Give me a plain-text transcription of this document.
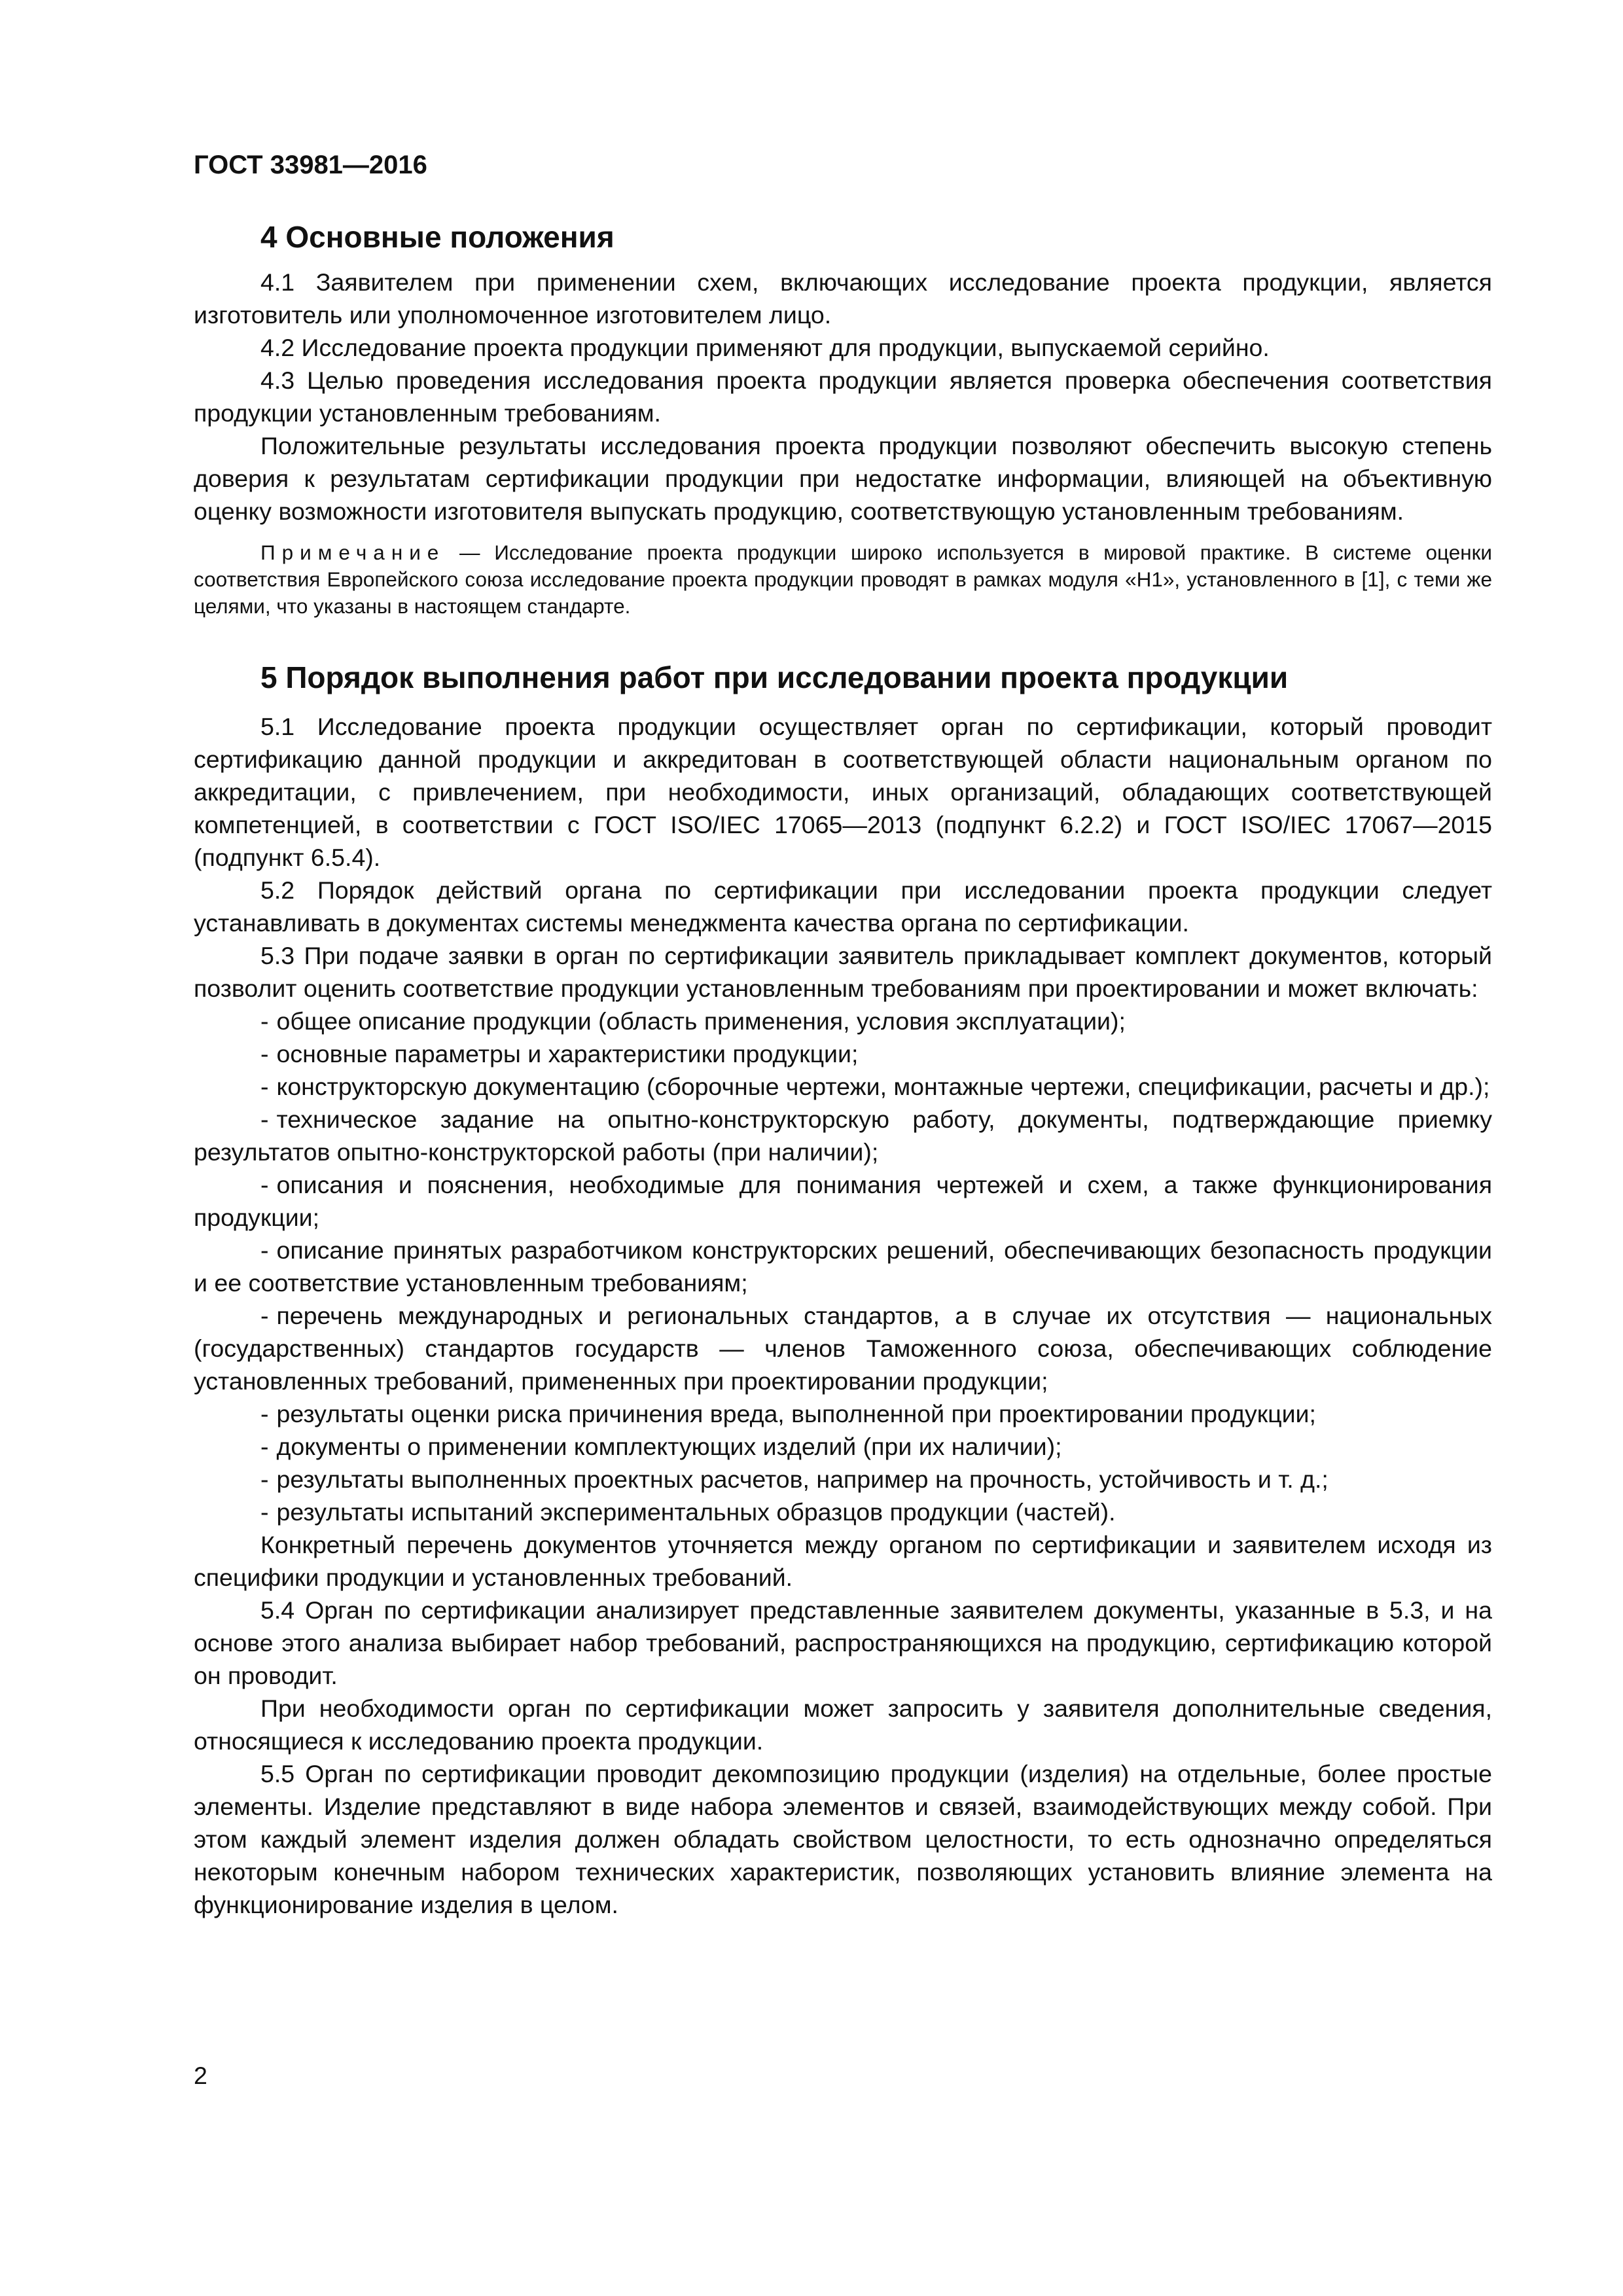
ГОСТ 33981—2016

4 Основные положения

4.1 Заявителем при применении схем, включающих исследование проекта продукции, является изготовитель или уполномоченное изготовителем лицо.

4.2 Исследование проекта продукции применяют для продукции, выпускаемой серийно.

4.3 Целью проведения исследования проекта продукции является проверка обеспечения соответствия продукции установленным требованиям.

Положительные результаты исследования проекта продукции позволяют обеспечить высокую степень доверия к результатам сертификации продукции при недостатке информации, влияющей на объективную оценку возможности изготовителя выпускать продукцию, соответствующую установленным требованиям.

Примечание — Исследование проекта продукции широко используется в мировой практике. В системе оценки соответствия Европейского союза исследование проекта продукции проводят в рамках модуля «Н1», установленного в [1], с теми же целями, что указаны в настоящем стандарте.

5 Порядок выполнения работ при исследовании проекта продукции

5.1 Исследование проекта продукции осуществляет орган по сертификации, который проводит сертификацию данной продукции и аккредитован в соответствующей области национальным органом по аккредитации, с привлечением, при необходимости, иных организаций, обладающих соответствующей компетенцией, в соответствии с ГОСТ ISO/IEC 17065—2013 (подпункт 6.2.2) и ГОСТ ISO/IEC 17067—2015 (подпункт 6.5.4).

5.2 Порядок действий органа по сертификации при исследовании проекта продукции следует устанавливать в документах системы менеджмента качества органа по сертификации.

5.3 При подаче заявки в орган по сертификации заявитель прикладывает комплект документов, который позволит оценить соответствие продукции установленным требованиям при проектировании и может включать:

- общее описание продукции (область применения, условия эксплуатации);

- основные параметры и характеристики продукции;

- конструкторскую документацию (сборочные чертежи, монтажные чертежи, спецификации, расчеты и др.);

- техническое задание на опытно-конструкторскую работу, документы, подтверждающие приемку результатов опытно-конструкторской работы (при наличии);

- описания и пояснения, необходимые для понимания чертежей и схем, а также функционирования продукции;

- описание принятых разработчиком конструкторских решений, обеспечивающих безопасность продукции и ее соответствие установленным требованиям;

- перечень международных и региональных стандартов, а в случае их отсутствия — национальных (государственных) стандартов государств — членов Таможенного союза, обеспечивающих соблюдение установленных требований, примененных при проектировании продукции;

- результаты оценки риска причинения вреда, выполненной при проектировании продукции;

- документы о применении комплектующих изделий (при их наличии);

- результаты выполненных проектных расчетов, например на прочность, устойчивость и т. д.;

- результаты испытаний экспериментальных образцов продукции (частей).

Конкретный перечень документов уточняется между органом по сертификации и заявителем исходя из специфики продукции и установленных требований.

5.4 Орган по сертификации анализирует представленные заявителем документы, указанные в 5.3, и на основе этого анализа выбирает набор требований, распространяющихся на продукцию, сертификацию которой он проводит.

При необходимости орган по сертификации может запросить у заявителя дополнительные сведения, относящиеся к исследованию проекта продукции.

5.5 Орган по сертификации проводит декомпозицию продукции (изделия) на отдельные, более простые элементы. Изделие представляют в виде набора элементов и связей, взаимодействующих между собой. При этом каждый элемент изделия должен обладать свойством целостности, то есть однозначно определяться некоторым конечным набором технических характеристик, позволяющих установить влияние элемента на функционирование изделия в целом.

2
